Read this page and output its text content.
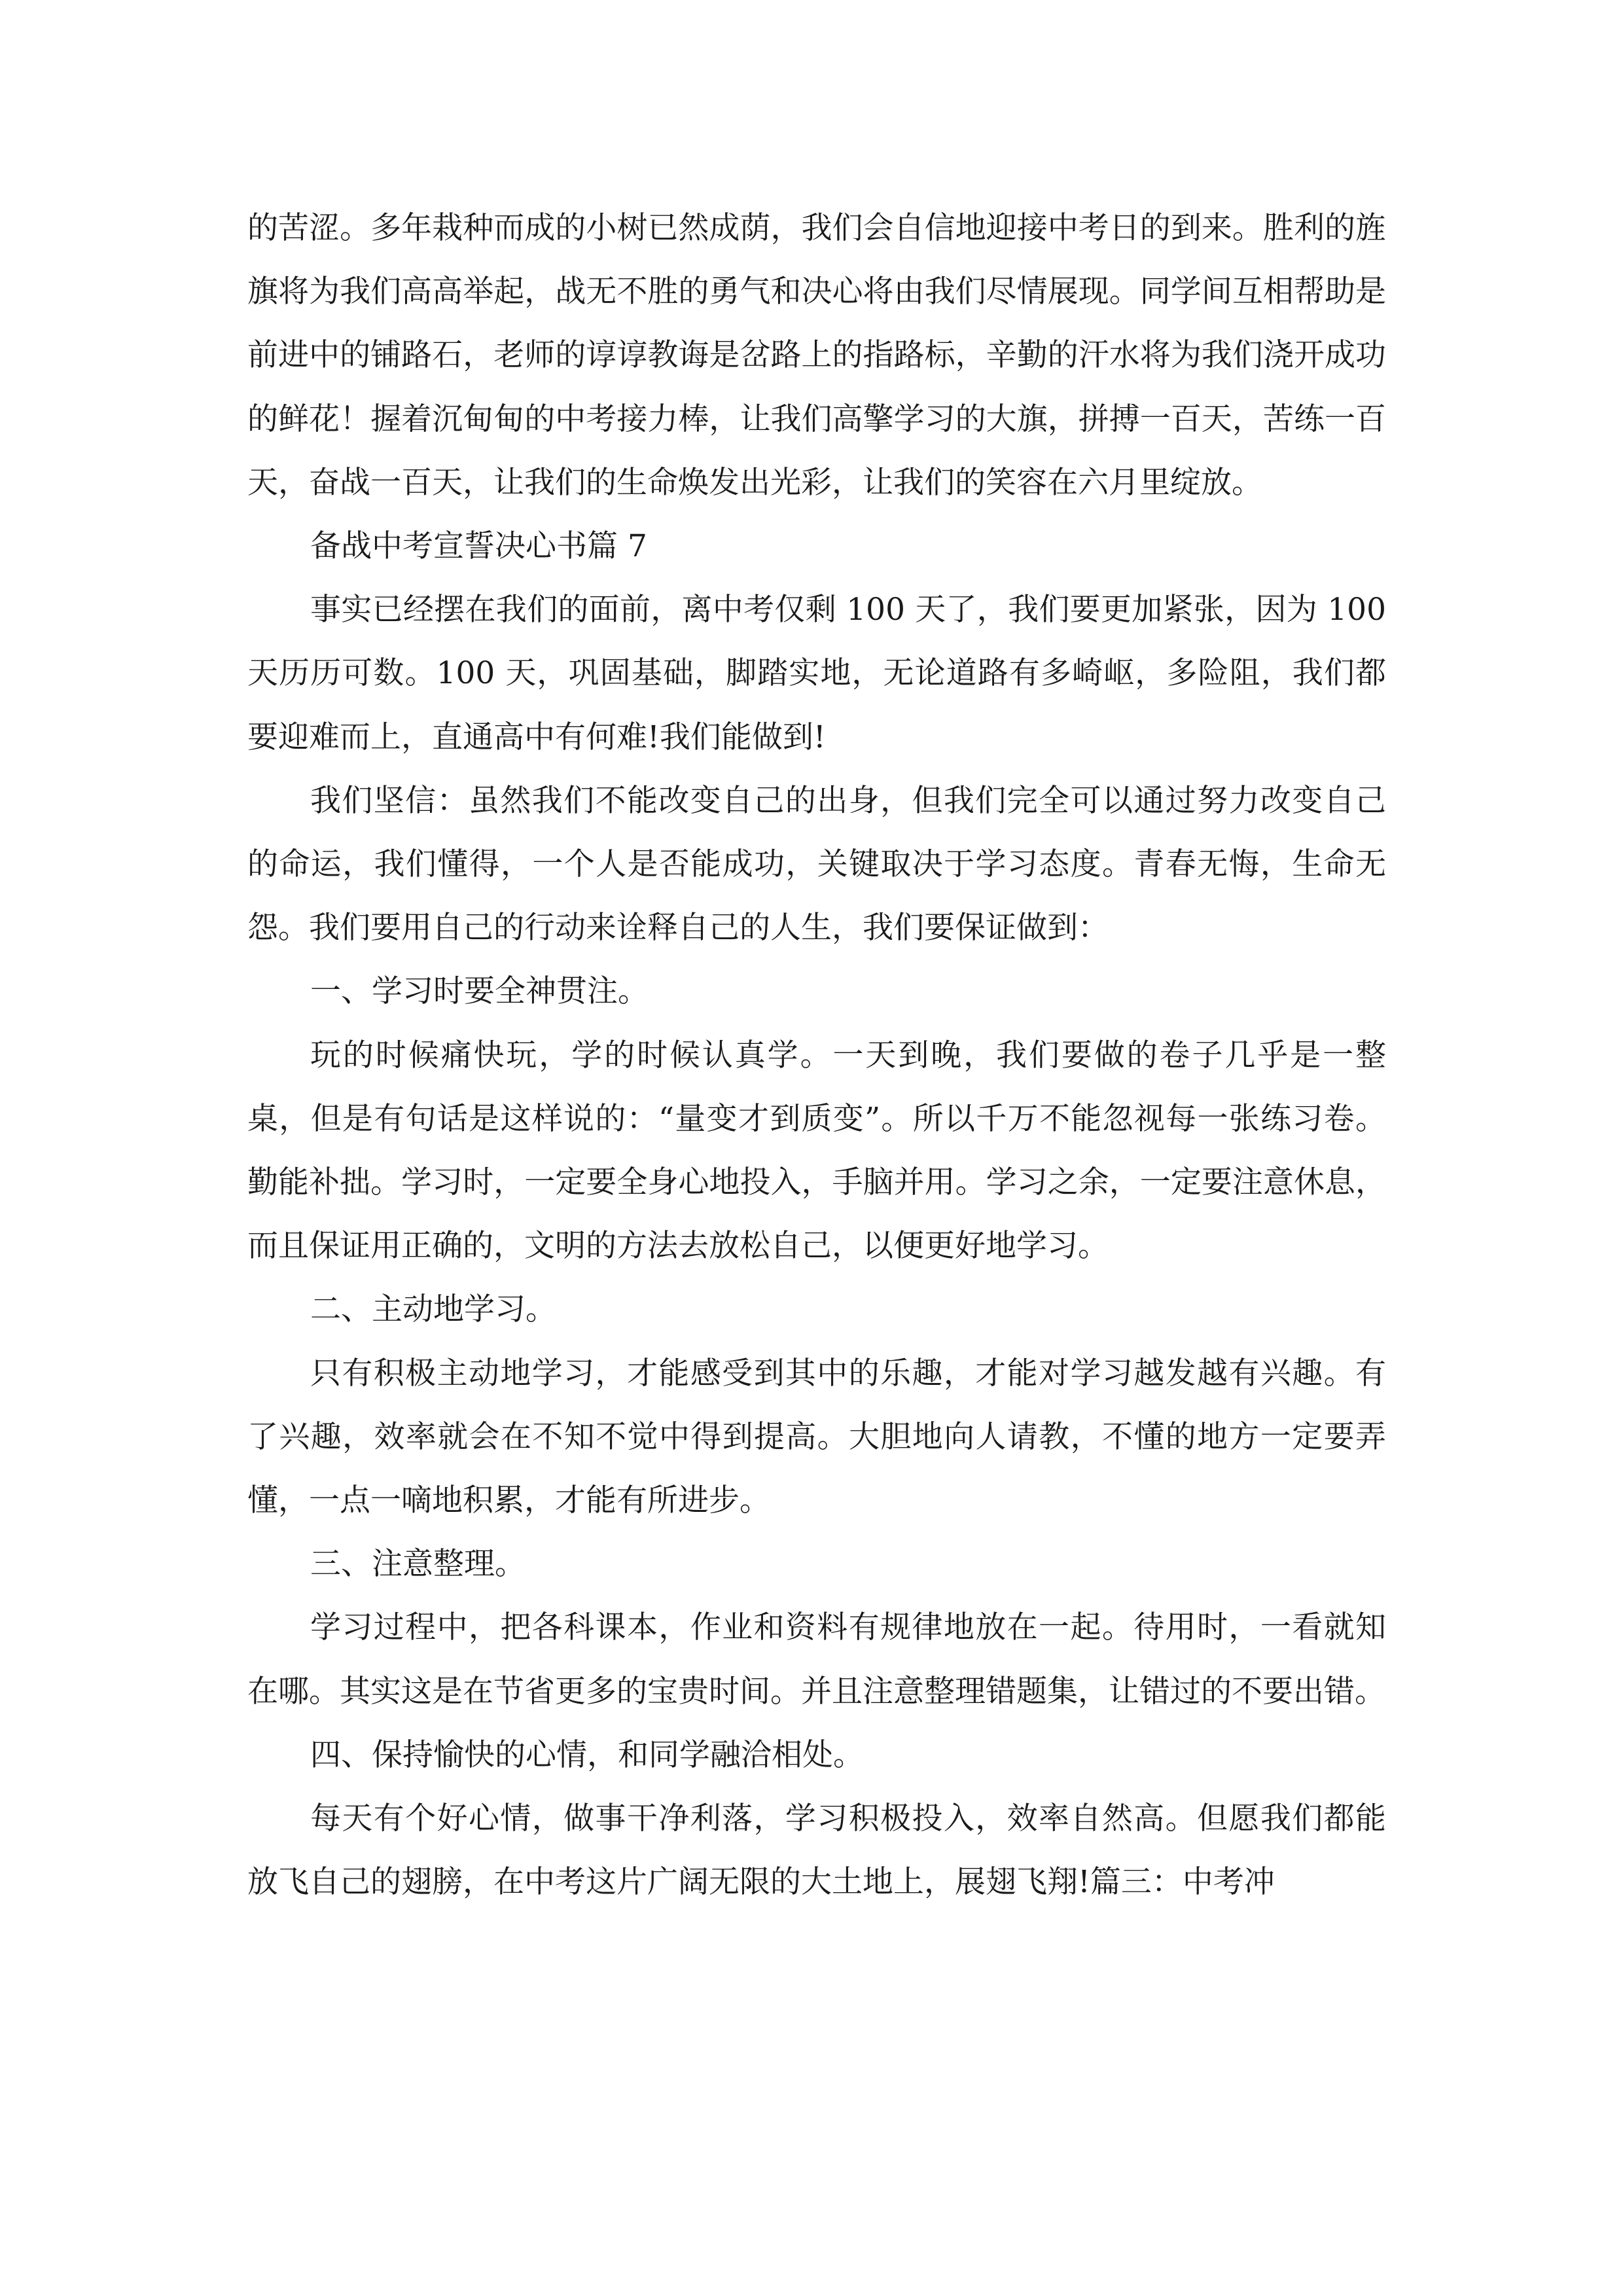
的苦涩。多年栽种而成的小树已然成荫，我们会自信地迎接中考日的到来。胜利的旌旗将为我们高高举起，战无不胜的勇气和决心将由我们尽情展现。同学间互相帮助是前进中的铺路石，老师的谆谆教诲是岔路上的指路标，辛勤的汗水将为我们浇开成功的鲜花！握着沉甸甸的中考接力棒，让我们高擎学习的大旗，拼搏一百天，苦练一百天，奋战一百天，让我们的生命焕发出光彩，让我们的笑容在六月里绽放。

备战中考宣誓决心书篇 7

事实已经摆在我们的面前，离中考仅剩 100 天了，我们要更加紧张，因为 100 天历历可数。100 天，巩固基础，脚踏实地，无论道路有多崎岖，多险阻，我们都要迎难而上，直通高中有何难!我们能做到!

我们坚信：虽然我们不能改变自己的出身，但我们完全可以通过努力改变自己的命运，我们懂得，一个人是否能成功，关键取决于学习态度。青春无悔，生命无怨。我们要用自己的行动来诠释自己的人生，我们要保证做到：

一、学习时要全神贯注。

玩的时候痛快玩，学的时候认真学。一天到晚，我们要做的卷子几乎是一整桌，但是有句话是这样说的：“量变才到质变”。所以千万不能忽视每一张练习卷。勤能补拙。学习时，一定要全身心地投入，手脑并用。学习之余，一定要注意休息，而且保证用正确的，文明的方法去放松自己，以便更好地学习。

二、主动地学习。

只有积极主动地学习，才能感受到其中的乐趣，才能对学习越发越有兴趣。有了兴趣，效率就会在不知不觉中得到提高。大胆地向人请教，不懂的地方一定要弄懂，一点一嘀地积累，才能有所进步。

三、注意整理。

学习过程中，把各科课本，作业和资料有规律地放在一起。待用时，一看就知在哪。其实这是在节省更多的宝贵时间。并且注意整理错题集，让错过的不要出错。

四、保持愉快的心情，和同学融洽相处。

每天有个好心情，做事干净利落，学习积极投入，效率自然高。但愿我们都能放飞自己的翅膀，在中考这片广阔无限的大土地上，展翅飞翔!篇三：中考冲
